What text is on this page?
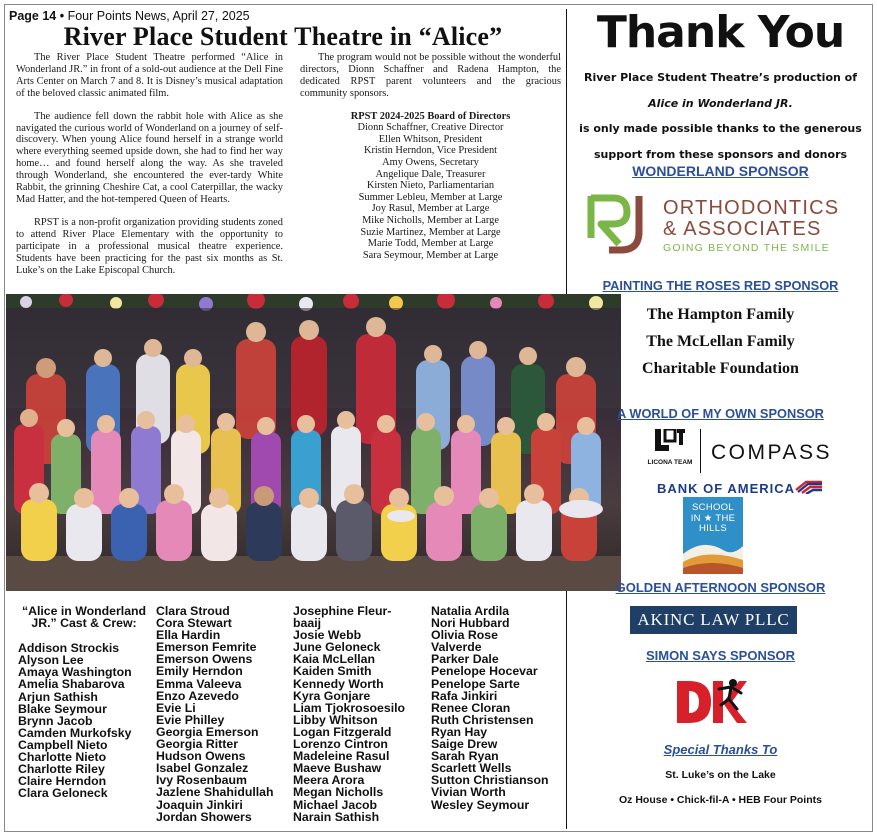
Page 14 • Four Points News, April 27, 2025
River Place Student Theatre in “Alice”

The River Place Student Theatre performed “Alice in Wonderland JR.” in front of a sold-out audience at the Dell Fine Arts Center on March 7 and 8. It is Disney’s musical adaptation of the beloved classic animated film.

The audience fell down the rabbit hole with Alice as she navigated the curious world of Wonderland on a journey of self-discovery. When young Alice found herself in a strange world where everything seemed upside down, she had to find her way home… and found herself along the way. As she traveled through Wonderland, she encountered the ever-tardy White Rabbit, the grinning Cheshire Cat, a cool Caterpillar, the wacky Mad Hatter, and the hot-tempered Queen of Hearts.

RPST is a non-profit organization providing students zoned to attend River Place Elementary with the opportunity to participate in a professional musical theatre experience. Students have been practicing for the past six months as St. Luke’s on the Lake Episcopal Church.

The program would not be possible without the wonderful directors, Dionn Schaffner and Radena Hampton, the dedicated RPST parent volunteers and the gracious community sponsors.

RPST 2024-2025 Board of Directors
Dionn Schaffner, Creative Director
Ellen Whitson, President
Kristin Herndon, Vice President
Amy Owens, Secretary
Angelique Dale, Treasurer
Kirsten Nieto, Parliamentarian
Summer Lebleu, Member at Large
Joy Rasul, Member at Large
Mike Nicholls, Member at Large
Suzie Martinez, Member at Large
Marie Todd, Member at Large
Sara Seymour, Member at Large
“Alice in Wonderland JR.” Cast & Crew:
Addison Strockis
Alyson Lee
Amaya Washington
Amelia Shabarova
Arjun Sathish
Blake Seymour
Brynn Jacob
Camden Murkofsky
Campbell Nieto
Charlotte Nieto
Charlotte Riley
Claire Herndon
Clara Geloneck
Clara Stroud
Cora Stewart
Ella Hardin
Emerson Femrite
Emerson Owens
Emily Herndon
Emma Valeeva
Enzo Azevedo
Evie Li
Evie Philley
Georgia Emerson
Georgia Ritter
Hudson Owens
Isabel Gonzalez
Ivy Rosenbaum
Jazlene Shahidullah
Joaquin Jinkiri
Jordan Showers
Josephine Fleur-
baaij
Josie Webb
June Geloneck
Kaia McLellan
Kaiden Smith
Kennedy Worth
Kyra Gonjare
Liam Tjokrosoesilo
Libby Whitson
Logan Fitzgerald
Lorenzo Cintron
Madeleine Rasul
Maeve Bushaw
Meera Arora
Megan Nicholls
Michael Jacob
Narain Sathish
Natalia Ardila
Nori Hubbard
Olivia Rose
Valverde
Parker Dale
Penelope Hocevar
Penelope Sarte
Rafa Jinkiri
Renee Cloran
Ruth Christensen
Ryan Hay
Saige Drew
Sarah Ryan
Scarlett Wells
Sutton Christianson
Vivian Worth
Wesley Seymour
Thank You
River Place Student Theatre’s production of
Alice in Wonderland JR.
is only made possible thanks to the generous
support from these sponsors and donors
WONDERLAND SPONSOR
ORTHODONTICS
& ASSOCIATES
GOING BEYOND THE SMILE
PAINTING THE ROSES RED SPONSOR
The Hampton Family
The McLellan Family
Charitable Foundation
A WORLD OF MY OWN SPONSOR
LICONA TEAM COMPASS
BANK OF AMERICA
SCHOOL
IN ★ THE
HILLS
GOLDEN AFTERNOON SPONSOR
AKINC LAW PLLC
SIMON SAYS SPONSOR
Special Thanks To
St. Luke’s on the Lake
Oz House • Chick-fil-A • HEB Four Points
